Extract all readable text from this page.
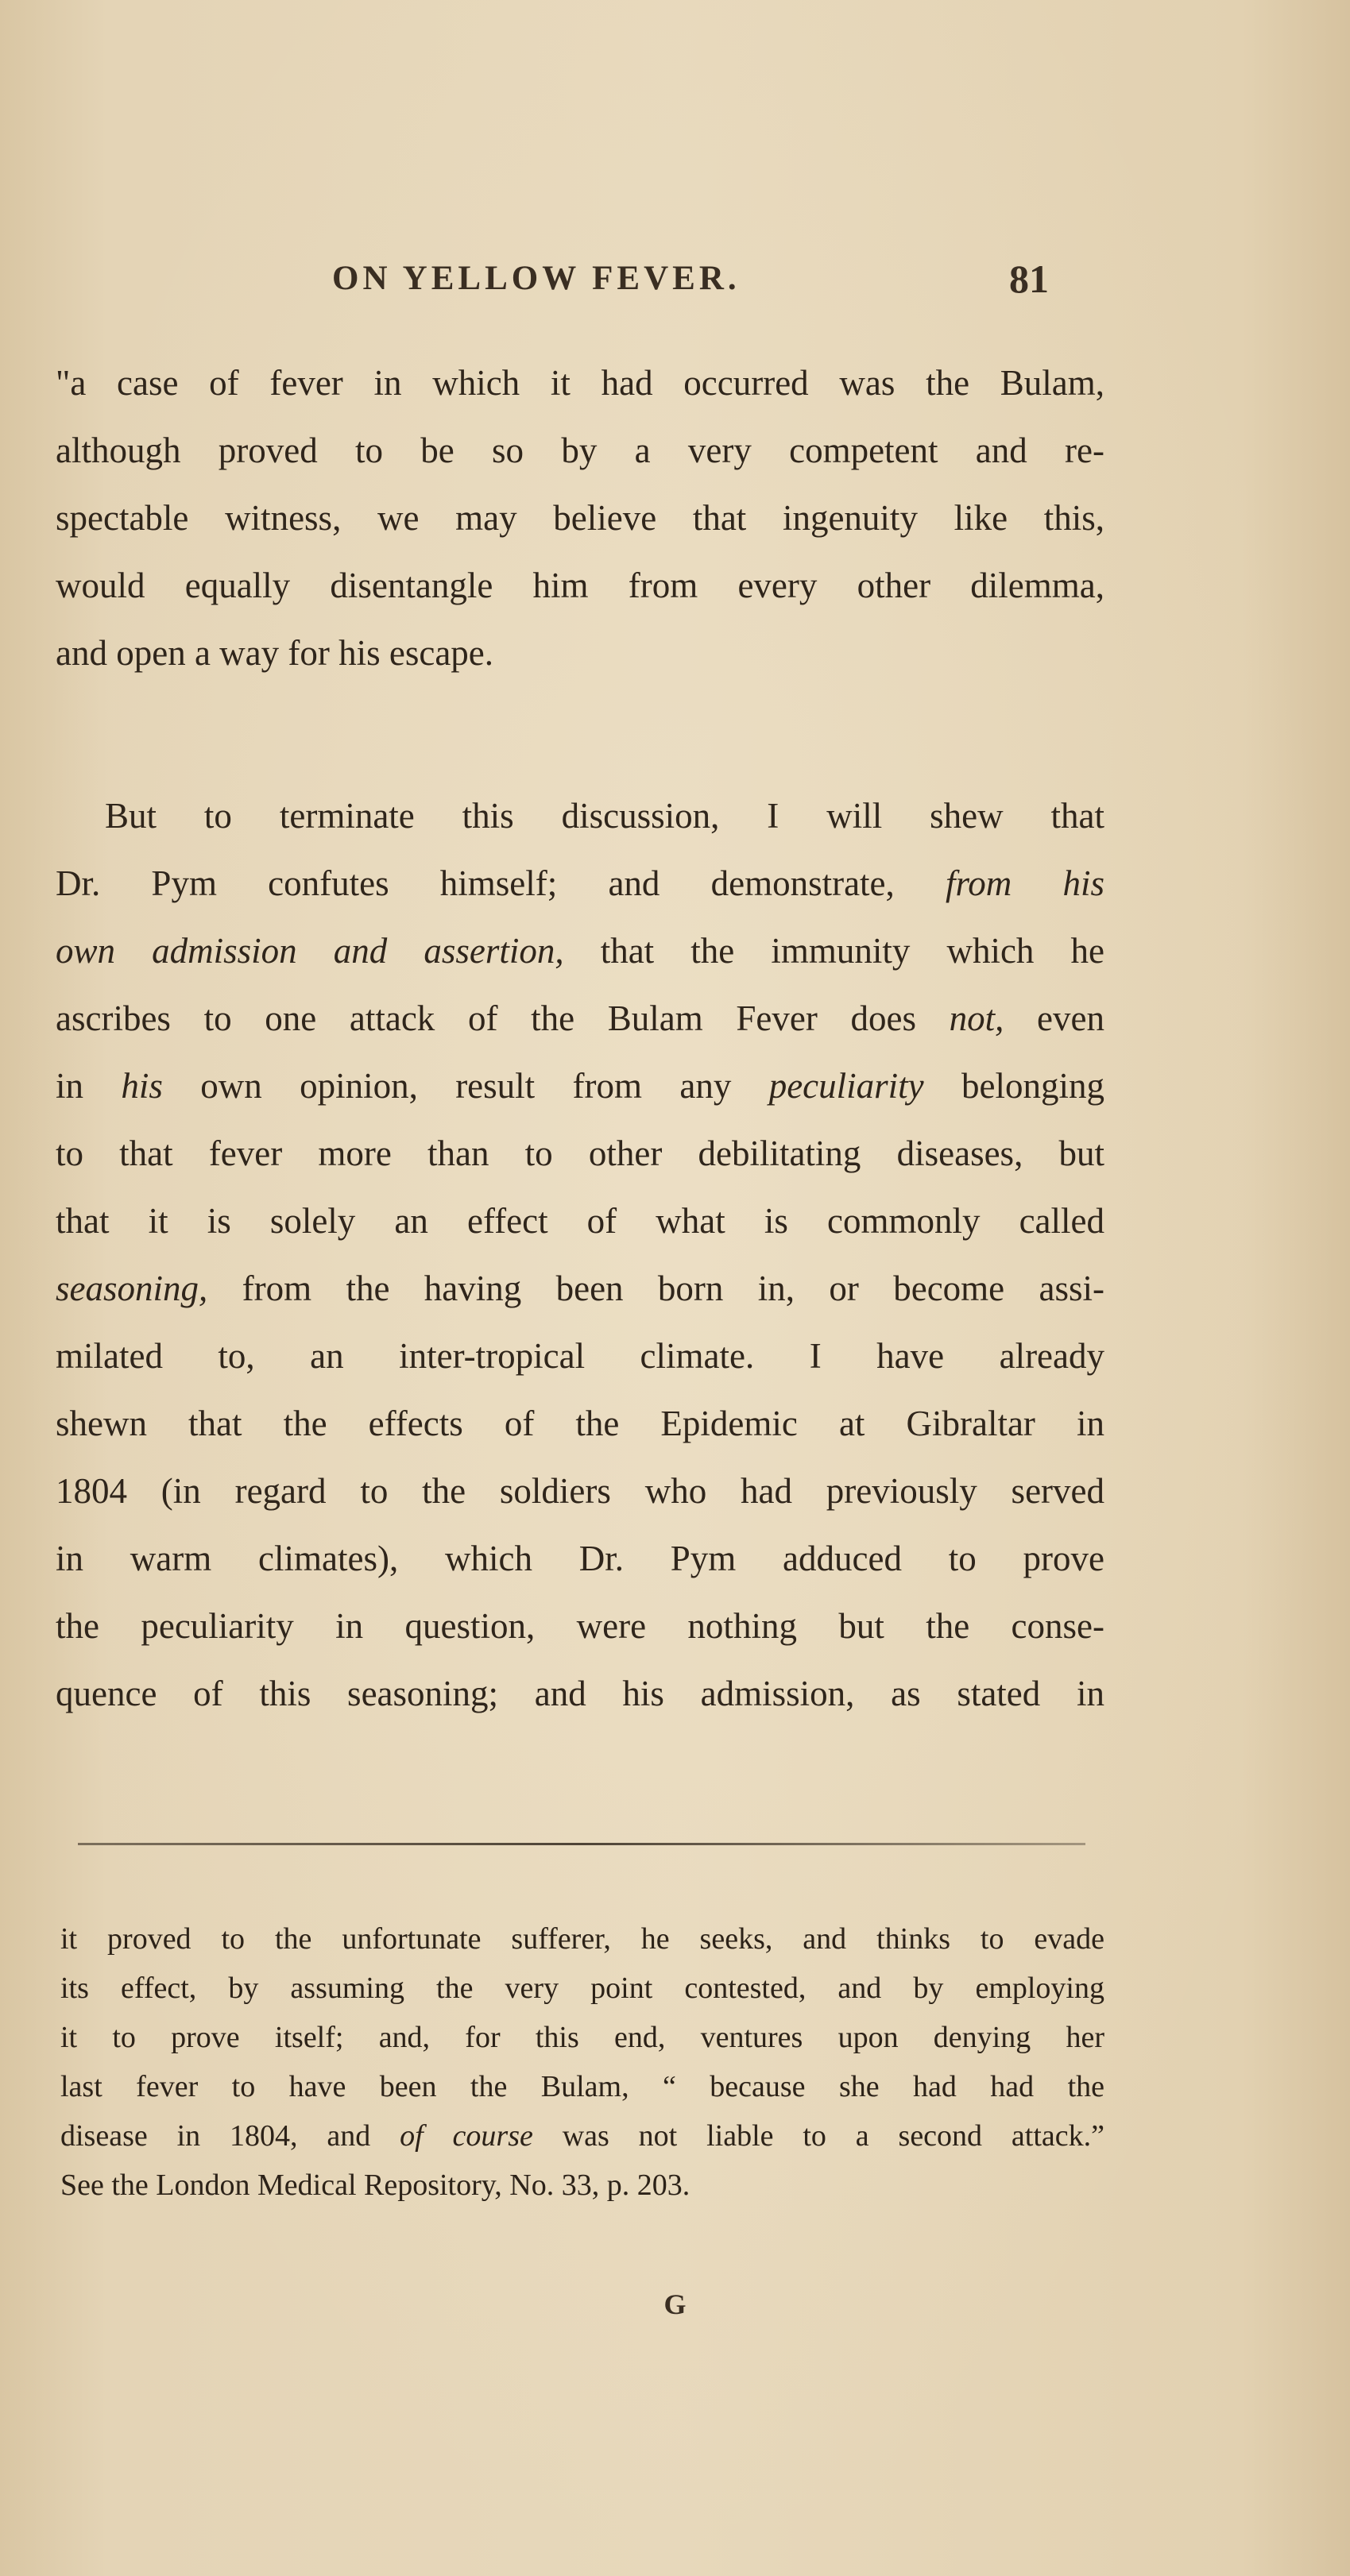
ON YELLOW FEVER.	81
"a case of fever in which it had occurred was the Bulam,
although proved to be so by a very competent and re-
spectable witness, we may believe that ingenuity like this,
would equally disentangle him from every other dilemma,
and open a way for his escape.
But to terminate this discussion, I will shew that
Dr. Pym confutes himself; and demonstrate, from his
own admission and assertion, that the immunity which he
ascribes to one attack of the Bulam Fever does not, even
in his own opinion, result from any peculiarity belonging
to that fever more than to other debilitating diseases, but
that it is solely an effect of what is commonly called
seasoning, from the having been born in, or become assi-
milated to, an inter-tropical climate. I have already
shewn that the effects of the Epidemic at Gibraltar in
1804 (in regard to the soldiers who had previously served
in warm climates), which Dr. Pym adduced to prove
the peculiarity in question, were nothing but the conse-
quence of this seasoning; and his admission, as stated in
it proved to the unfortunate sufferer, he seeks, and thinks to evade
its effect, by assuming the very point contested, and by employing
it to prove itself; and, for this end, ventures upon denying her
last fever to have been the Bulam, “ because she had had the
disease in 1804, and of course was not liable to a second attack.”
See the London Medical Repository, No. 33, p. 203.
G
